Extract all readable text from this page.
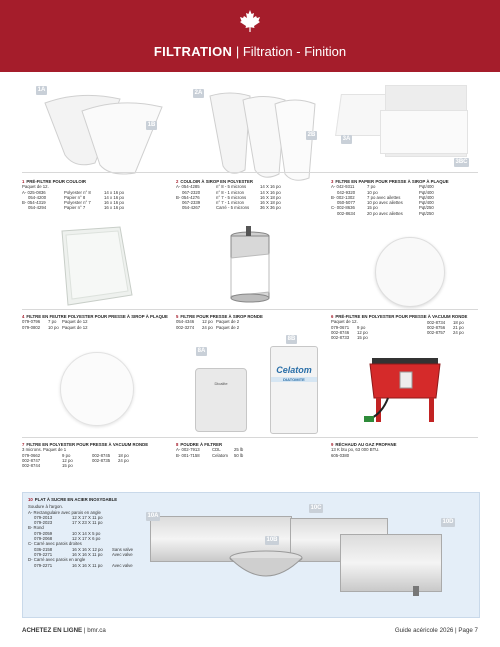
FILTRATION | Filtration - Finition
1A
1B
2A
2B
3A
3BC
1 PRÉ-FILTRE POUR COULOIR
Paquet de 12.
A- 025-0836	Polyester n° 8	14 x 16 po
054-4200	Papier n° 8	14 x 16 po
B- 054-4319	Polyester n° 7	16 x 16 po
054-4294	Papier n° 7	16 x 16 po
2 COULOIR À SIROP EN POLYESTER
A- 054-4285	n° 8 - 5 microns	14 X 16 po
067-2320	n° 8 - 1 micron	14 X 16 po
B- 054-4276	n° 7 - 5 microns	16 X 18 po
067-2339	n° 7 - 1 micron	16 X 18 po
054-4267	Carré - 5 microns	36 X 36 po
3 FILTRE EN PAPIER POUR PRESSE À SIROP À PLAQUE
A- 042-9311	7 po	Pqt/400
042-9320	10 po	Pqt/400
B- 002-1302	7 po avec ailettes	Pqt/400
050-5077	10 po avec ailettes	Pqt/400
C- 002-8636	15 po	Pqt/250
002-8634	20 po avec ailettes	Pqt/250
4 FILTRE EN FEUTRE POLYESTER POUR PRESSE À SIROP À PLAQUE
079-0796 7 po Paquet de 12
079-0802 10 po Paquet de 12
5 FILTRE POUR PRESSE À SIROP RONDE
054-4346 12 po Paquet de 2
002-3274 24 po Paquet de 2
6 PRÉ-FILTRE EN POLYESTER POUR PRESSE À VACUUM RONDE
Paquet de 12.
079-0671 9 po
002-8746 12 po
002-8733 15 po
002-8734 18 po
002-8756 21 po
002-8757 24 po
8A
Dicalite
8B
Celatom
DIATOMITE
7 FILTRE EN POLYESTER POUR PRESSE À VACUUM RONDE
3 microns. Paquet de 1
079-0662	9 po
002-8747	12 po
002-8744	15 po
002-8745 18 po
002-8735 24 po
8 POUDRE À FILTRER
A- 002-7913	CDL	25 lb
B- 001-7158	Celatom 50 lb
9 RÉCHAUD AU GAZ PROPANE
13 K btu po, 63 000 BTU.
605-0380
10 PLAT À SUCRE EN ACIER INOXYDABLE
Soudure à l'argon.
A- Rectangulaire avec parois en angle
079-2013	12 X 17 X 11 po
079-2023	17 X 23 X 11 po
B- Rond
079-2059	10 X 14 X 5 po
079-2068	12 X 17 X 6 po
C- Carré avec parois droites
036-2158	16 X 16 X 12 po Sans valve
079-2271	16 X 16 X 11 po Avec valve
D- Carré avec parois en angle
079-2271	16 X 16 X 11 po Avec valve
10A
10B
10C
10D
ACHETEZ EN LIGNE | bmr.ca	Guide acéricole 2026 | Page 7
